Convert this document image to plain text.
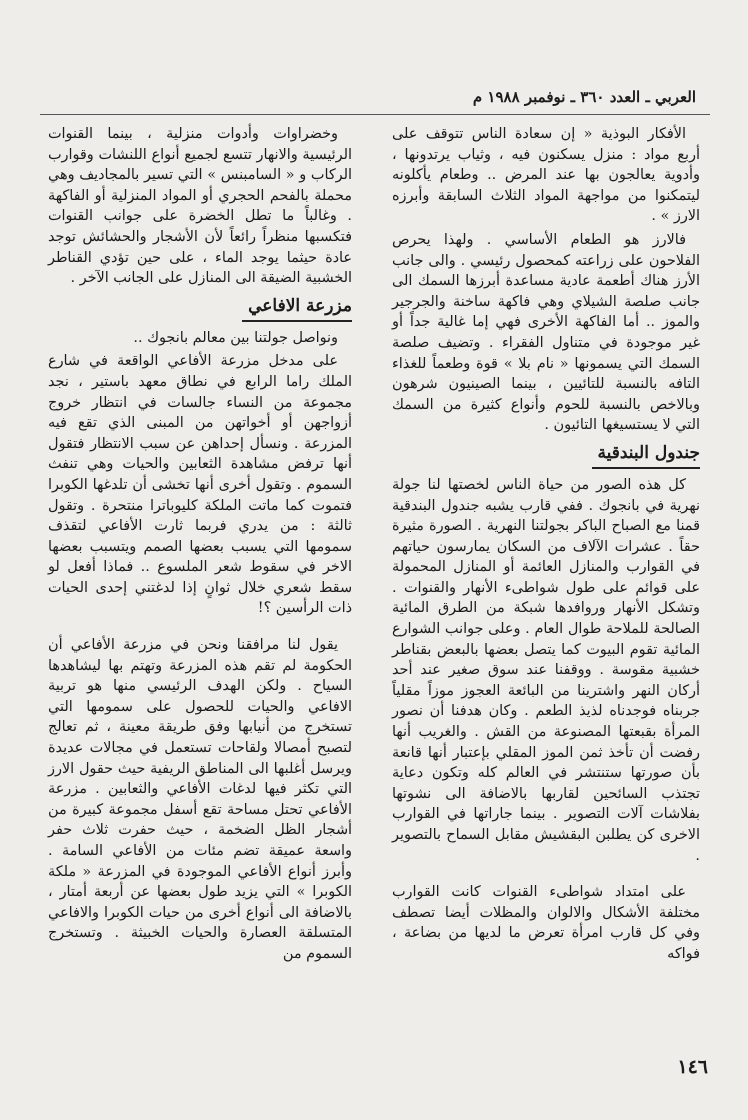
العربي ـ العدد ٣٦٠ ـ نوفمبر ١٩٨٨ م

الأفكار البوذية « إن سعادة الناس تتوقف على أربع مواد : منزل يسكنون فيه ، وثياب يرتدونها ، وأدوية يعالجون بها عند المرض .. وطعام يأكلونه ليتمكنوا من مواجهة المواد الثلاث السابقة وأبرزه الارز » .

فالارز هو الطعام الأساسي . ولهذا يحرص الفلاحون على زراعته كمحصول رئيسي . والى جانب الأرز هناك أطعمة عادية مساعدة أبرزها السمك الى جانب صلصة الشيلاي وهي فاكهة ساخنة والجرجير والموز .. أما الفاكهة الأخرى فهي إما غالية جداً أو غير موجودة في متناول الفقراء . وتضيف صلصة السمك التي يسمونها « نام بلا » قوة وطعماً للغذاء التافه بالنسبة للتائيين ، بينما الصينيون شرهون وبالاخص بالنسبة للحوم وأنواع كثيرة من السمك التي لا يستسيغها التائيون .

جندول البندقية

كل هذه الصور من حياة الناس لخصتها لنا جولة نهرية في بانجوك . ففي قارب يشبه جندول البندقية قمنا مع الصباح الباكر بجولتنا النهرية . الصورة مثيرة حقاً . عشرات الآلاف من السكان يمارسون حياتهم في القوارب والمنازل العائمة أو المنازل المحمولة على قوائم على طول شواطىء الأنهار والقنوات . وتشكل الأنهار وروافدها شبكة من الطرق المائية الصالحة للملاحة طوال العام . وعلى جوانب الشوارع المائية تقوم البيوت كما يتصل بعضها بالبعض بقناطر خشبية مقوسة . ووقفنا عند سوق صغير عند أحد أركان النهر واشترينا من البائعة العجوز موزاً مقلياً جربناه فوجدناه لذيذ الطعم . وكان هدفنا أن نصور المرأة بقبعتها المصنوعة من القش . والغريب أنها رفضت أن تأخذ ثمن الموز المقلي بإعتبار أنها قانعة بأن صورتها ستنتشر في العالم كله وتكون دعاية تجتذب السائحين لقاربها بالاضافة الى نشوتها بفلاشات آلات التصوير . بينما جاراتها في القوارب الاخرى كن يطلبن البقشيش مقابل السماح بالتصوير .

على امتداد شواطىء القنوات كانت القوارب مختلفة الأشكال والالوان والمظلات أيضا تصطف وفي كل قارب امرأة تعرض ما لديها من بضاعة ، فواكه

وخضراوات وأدوات منزلية ، بينما القنوات الرئيسية والانهار تتسع لجميع أنواع اللنشات وقوارب الركاب و « السامبنس » التي تسير بالمجاديف وهي محملة بالفحم الحجري أو المواد المنزلية أو الفاكهة . وغالباً ما تطل الخضرة على جوانب القنوات فتكسبها منظراً رائعاً لأن الأشجار والحشائش توجد عادة حيثما يوجد الماء ، على حين تؤدي القناطر الخشبية الضيقة الى المنازل على الجانب الآخر .

مزرعة الافاعي

ونواصل جولتنا بين معالم بانجوك ..

على مدخل مزرعة الأفاعي الواقعة في شارع الملك راما الرابع في نطاق معهد باستير ، نجد مجموعة من النساء جالسات في انتظار خروج أزواجهن أو أخواتهن من المبنى الذي تقع فيه المزرعة . ونسأل إحداهن عن سبب الانتظار فتقول أنها ترفض مشاهدة الثعابين والحيات وهي تنفث السموم . وتقول أخرى أنها تخشى أن تلدغها الكوبرا فتموت كما ماتت الملكة كليوباترا منتحرة . وتقول ثالثة : من يدري فربما ثارت الأفاعي لتقذف سمومها التي يسبب بعضها الصمم ويتسبب بعضها الاخر في سقوط شعر الملسوع .. فماذا أفعل لو سقط شعري خلال ثوانٍ إذا لدغتني إحدى الحيات ذات الرأسين ؟!

يقول لنا مرافقنا ونحن في مزرعة الأفاعي أن الحكومة لم تقم هذه المزرعة وتهتم بها ليشاهدها السياح . ولكن الهدف الرئيسي منها هو تربية الافاعي والحيات للحصول على سمومها التي تستخرج من أنيابها وفق طريقة معينة ، ثم تعالج لتصبح أمصالا ولقاحات تستعمل في مجالات عديدة ويرسل أغلبها الى المناطق الريفية حيث حقول الارز التي تكثر فيها لدغات الأفاعي والثعابين . مزرعة الأفاعي تحتل مساحة تقع أسفل مجموعة كبيرة من أشجار الظل الضخمة ، حيث حفرت ثلاث حفر واسعة عميقة تضم مئات من الأفاعي السامة . وأبرز أنواع الأفاعي الموجودة في المزرعة « ملكة الكوبرا » التي يزيد طول بعضها عن أربعة أمتار ، بالاضافة الى أنواع أخرى من حيات الكوبرا والافاعي المتسلقة العصارة والحيات الخبيثة . وتستخرج السموم من

١٤٦
